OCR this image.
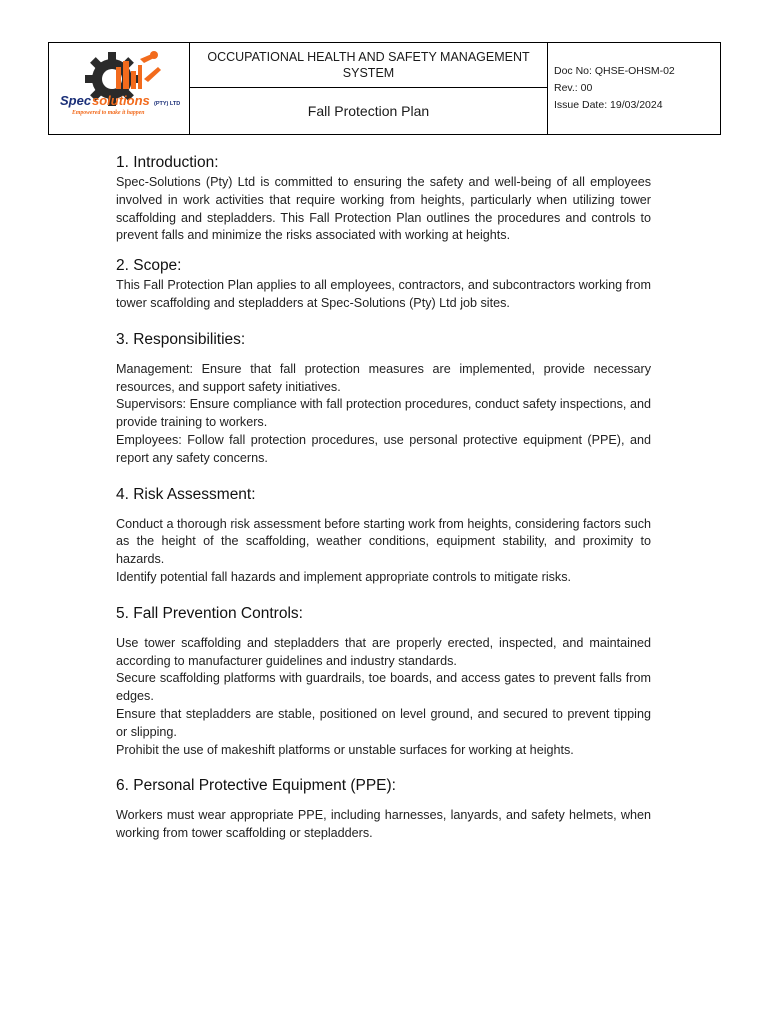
Spec solutions (PTY) LTD
Empowered to make it happen
OCCUPATIONAL HEALTH AND SAFETY MANAGEMENT SYSTEM
Fall Protection Plan
Doc No: QHSE-OHSM-02
Rev.: 00
Issue Date: 19/03/2024
1. Introduction:

Spec-Solutions (Pty) Ltd is committed to ensuring the safety and well-being of all employees involved in work activities that require working from heights, particularly when utilizing tower scaffolding and stepladders. This Fall Protection Plan outlines the procedures and controls to prevent falls and minimize the risks associated with working at heights.

2. Scope:

This Fall Protection Plan applies to all employees, contractors, and subcontractors working from tower scaffolding and stepladders at Spec-Solutions (Pty) Ltd job sites.

3. Responsibilities:

Management: Ensure that fall protection measures are implemented, provide necessary resources, and support safety initiatives.

Supervisors: Ensure compliance with fall protection procedures, conduct safety inspections, and provide training to workers.

Employees: Follow fall protection procedures, use personal protective equipment (PPE), and report any safety concerns.

4. Risk Assessment:

Conduct a thorough risk assessment before starting work from heights, considering factors such as the height of the scaffolding, weather conditions, equipment stability, and proximity to hazards.

Identify potential fall hazards and implement appropriate controls to mitigate risks.

5. Fall Prevention Controls:

Use tower scaffolding and stepladders that are properly erected, inspected, and maintained according to manufacturer guidelines and industry standards.

Secure scaffolding platforms with guardrails, toe boards, and access gates to prevent falls from edges.

Ensure that stepladders are stable, positioned on level ground, and secured to prevent tipping or slipping.

Prohibit the use of makeshift platforms or unstable surfaces for working at heights.

6. Personal Protective Equipment (PPE):

Workers must wear appropriate PPE, including harnesses, lanyards, and safety helmets, when working from tower scaffolding or stepladders.
